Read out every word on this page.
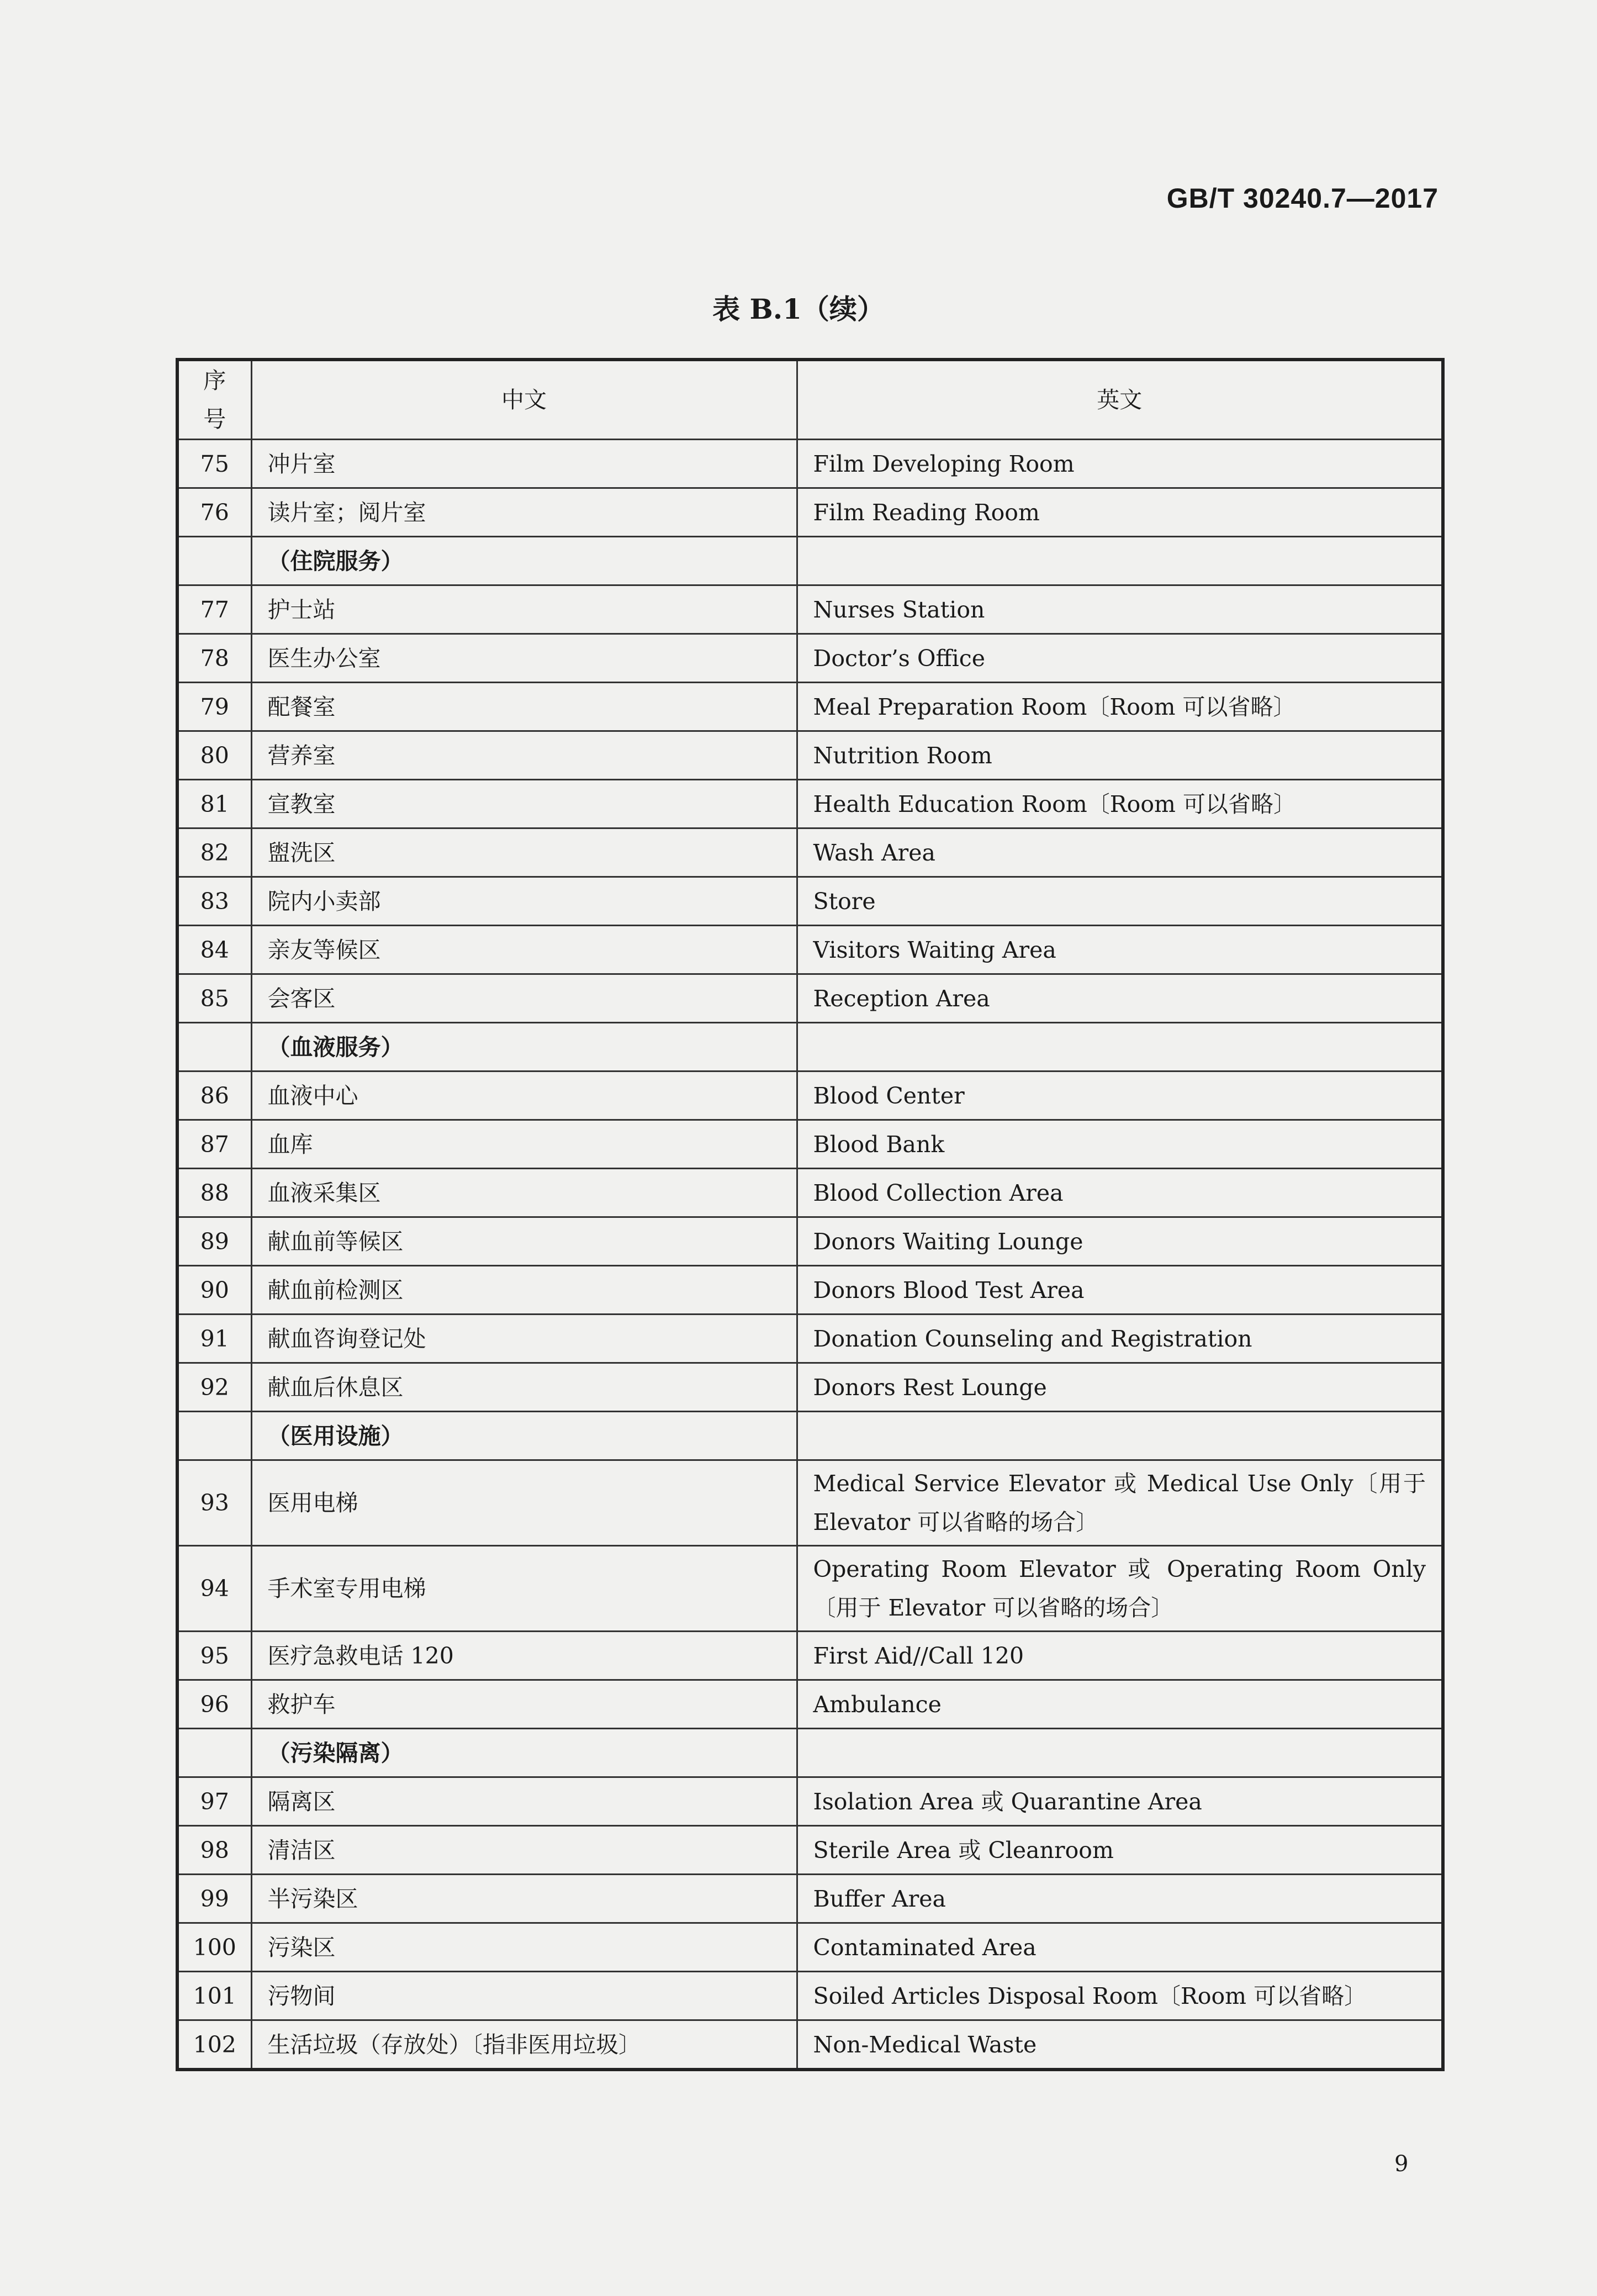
GB/T 30240.7—2017
表 B.1（续）
序号	中文	英文
75	冲片室	Film Developing Room
76	读片室；阅片室	Film Reading Room
	（住院服务）	
77	护士站	Nurses Station
78	医生办公室	Doctor’s Office
79	配餐室	Meal Preparation Room〔Room 可以省略〕
80	营养室	Nutrition Room
81	宣教室	Health Education Room〔Room 可以省略〕
82	盥洗区	Wash Area
83	院内小卖部	Store
84	亲友等候区	Visitors Waiting Area
85	会客区	Reception Area
	（血液服务）	
86	血液中心	Blood Center
87	血库	Blood Bank
88	血液采集区	Blood Collection Area
89	献血前等候区	Donors Waiting Lounge
90	献血前检测区	Donors Blood Test Area
91	献血咨询登记处	Donation Counseling and Registration
92	献血后休息区	Donors Rest Lounge
	（医用设施）	
93	医用电梯	Medical Service Elevator 或 Medical Use Only〔用于 Elevator 可以省略的场合〕
94	手术室专用电梯	Operating Room Elevator 或 Operating Room Only〔用于 Elevator 可以省略的场合〕
95	医疗急救电话 120	First Aid//Call 120
96	救护车	Ambulance
	（污染隔离）	
97	隔离区	Isolation Area 或 Quarantine Area
98	清洁区	Sterile Area 或 Cleanroom
99	半污染区	Buffer Area
100	污染区	Contaminated Area
101	污物间	Soiled Articles Disposal Room〔Room 可以省略〕
102	生活垃圾（存放处）〔指非医用垃圾〕	Non-Medical Waste
9
